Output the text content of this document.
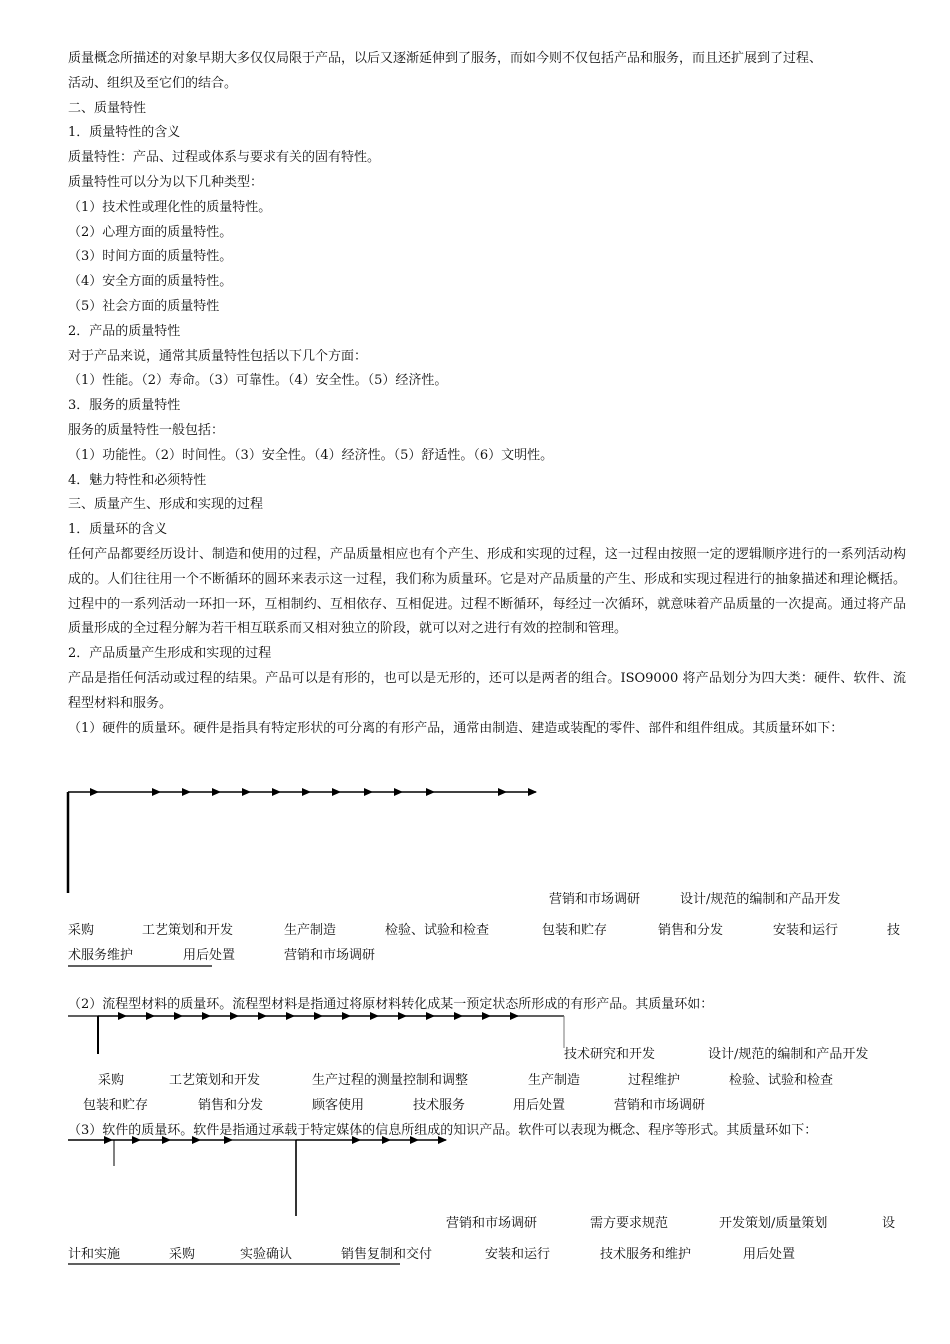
质量概念所描述的对象早期大多仅仅局限于产品，以后又逐渐延伸到了服务，而如今则不仅包括产品和服务，而且还扩展到了过程、

活动、组织及至它们的结合。

二、质量特性

1．质量特性的含义

质量特性：产品、过程或体系与要求有关的固有特性。

质量特性可以分为以下几种类型：

（1）技术性或理化性的质量特性。

（2）心理方面的质量特性。

（3）时间方面的质量特性。

（4）安全方面的质量特性。

（5）社会方面的质量特性

2．产品的质量特性

对于产品来说，通常其质量特性包括以下几个方面：

（1）性能。（2）寿命。（3）可靠性。（4）安全性。（5）经济性。

3．服务的质量特性

服务的质量特性一般包括：

（1）功能性。（2）时间性。（3）安全性。（4）经济性。（5）舒适性。（6）文明性。

4．魅力特性和必须特性

三、质量产生、形成和实现的过程

1．质量环的含义

任何产品都要经历设计、制造和使用的过程，产品质量相应也有个产生、形成和实现的过程，这一过程由按照一定的逻辑顺序进行的一系列活动构成的。人们往往用一个不断循环的圆环来表示这一过程，我们称为质量环。它是对产品质量的产生、形成和实现过程进行的抽象描述和理论概括。过程中的一系列活动一环扣一环，互相制约、互相依存、互相促进。过程不断循环，每经过一次循环，就意味着产品质量的一次提高。通过将产品质量形成的全过程分解为若干相互联系而又相对独立的阶段，就可以对之进行有效的控制和管理。

2．产品质量产生形成和实现的过程

产品是指任何活动或过程的结果。产品可以是有形的，也可以是无形的，还可以是两者的组合。ISO9000 将产品划分为四大类：硬件、软件、流程型材料和服务。

（1）硬件的质量环。硬件是指具有特定形状的可分离的有形产品，通常由制造、建造或装配的零件、部件和组件组成。其质量环如下：

营销和市场调研	设计/规范的编制和产品开发
采购	工艺策划和开发	生产制造	检验、试验和检查	包装和贮存	销售和分发	安装和运行	技
术服务维护	用后处置	营销和市场调研
（2）流程型材料的质量环。流程型材料是指通过将原材料转化成某一预定状态所形成的有形产品。其质量环如：
技术研究和开发	设计/规范的编制和产品开发
采购	工艺策划和开发	生产过程的测量控制和调整	生产制造	过程维护	检验、试验和检查
包装和贮存	销售和分发	顾客使用	技术服务	用后处置	营销和市场调研
（3）软件的质量环。软件是指通过承载于特定媒体的信息所组成的知识产品。软件可以表现为概念、程序等形式。其质量环如下：
营销和市场调研	需方要求规范	开发策划/质量策划	设
计和实施	采购	实验确认	销售复制和交付	安装和运行	技术服务和维护	用后处置
